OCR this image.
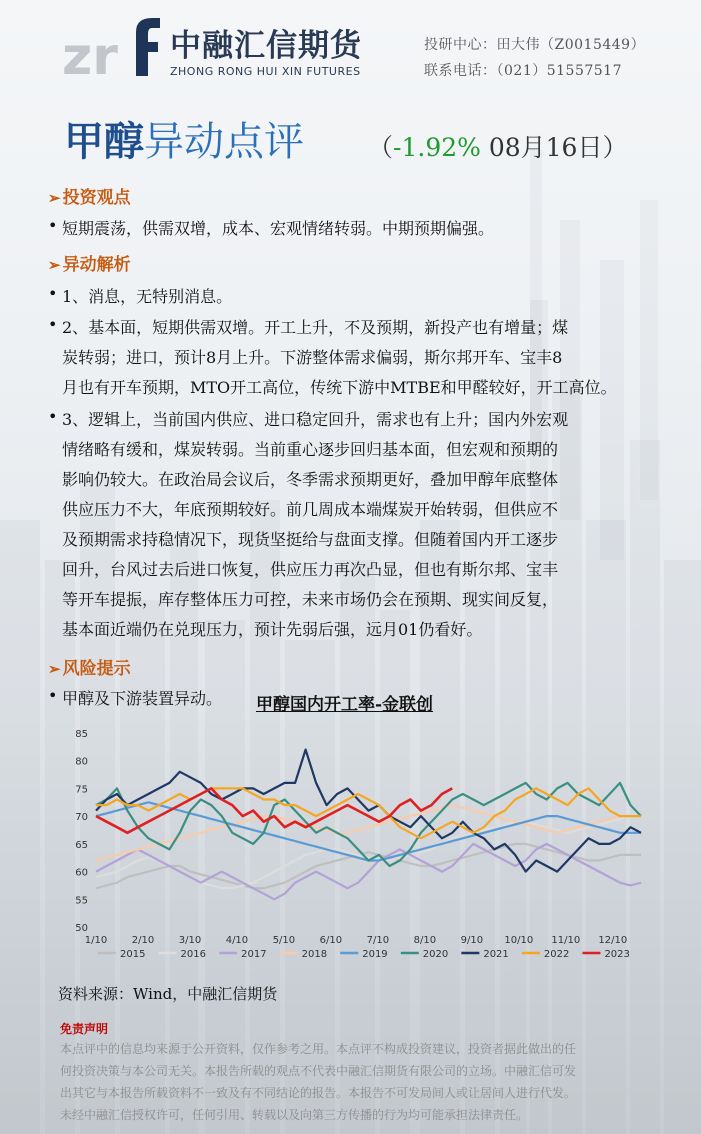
zr 中融汇信期货
ZHONG RONG HUI XIN FUTURES
投研中心：田大伟（Z0015449）
联系电话：（021）51557517
甲醇异动点评	（-1.92% 08月16日）
➢ 投资观点
• 短期震荡，供需双增，成本、宏观情绪转弱。中期预期偏强。
➢ 异动解析
• 1、消息，无特别消息。
• 2、基本面，短期供需双增。开工上升，不及预期，新投产也有增量；煤
炭转弱；进口，预计8月上升。下游整体需求偏弱，斯尔邦开车、宝丰8
月也有开车预期，MTO开工高位，传统下游中MTBE和甲醛较好，开工高位。
• 3、逻辑上，当前国内供应、进口稳定回升，需求也有上升；国内外宏观
情绪略有缓和，煤炭转弱。当前重心逐步回归基本面，但宏观和预期的
影响仍较大。在政治局会议后，冬季需求预期更好，叠加甲醇年底整体
供应压力不大，年底预期较好。前几周成本端煤炭开始转弱，但供应不
及预期需求持稳情况下，现货坚挺给与盘面支撑。但随着国内开工逐步
回升，台风过去后进口恢复，供应压力再次凸显，但也有斯尔邦、宝丰
等开车提振，库存整体压力可控，未来市场仍会在预期、现实间反复，
基本面近端仍在兑现压力，预计先弱后强，远月01仍看好。
➢ 风险提示
• 甲醇及下游装置异动。 甲醇国内开工率-金联创
50
55
60
65
70
75
80
85
1/10 2/10 3/10 4/10 5/10 6/10 7/10 8/10 9/10 10/10 11/10 12/10
2015	2016	2017	2018	2019	2020	2021	2022	2023
资料来源：Wind，中融汇信期货
免责声明
本点评中的信息均来源于公开资料，仅作参考之用。本点评不构成投资建议，投资者据此做出的任
何投资决策与本公司无关。本报告所载的观点不代表中融汇信期货有限公司的立场。中融汇信可发
出其它与本报告所载资料不一致及有不同结论的报告。本报告不可发局间人或让居间人进行代发。
未经中融汇信授权许可，任何引用、转载以及向第三方传播的行为均可能承担法律责任。
